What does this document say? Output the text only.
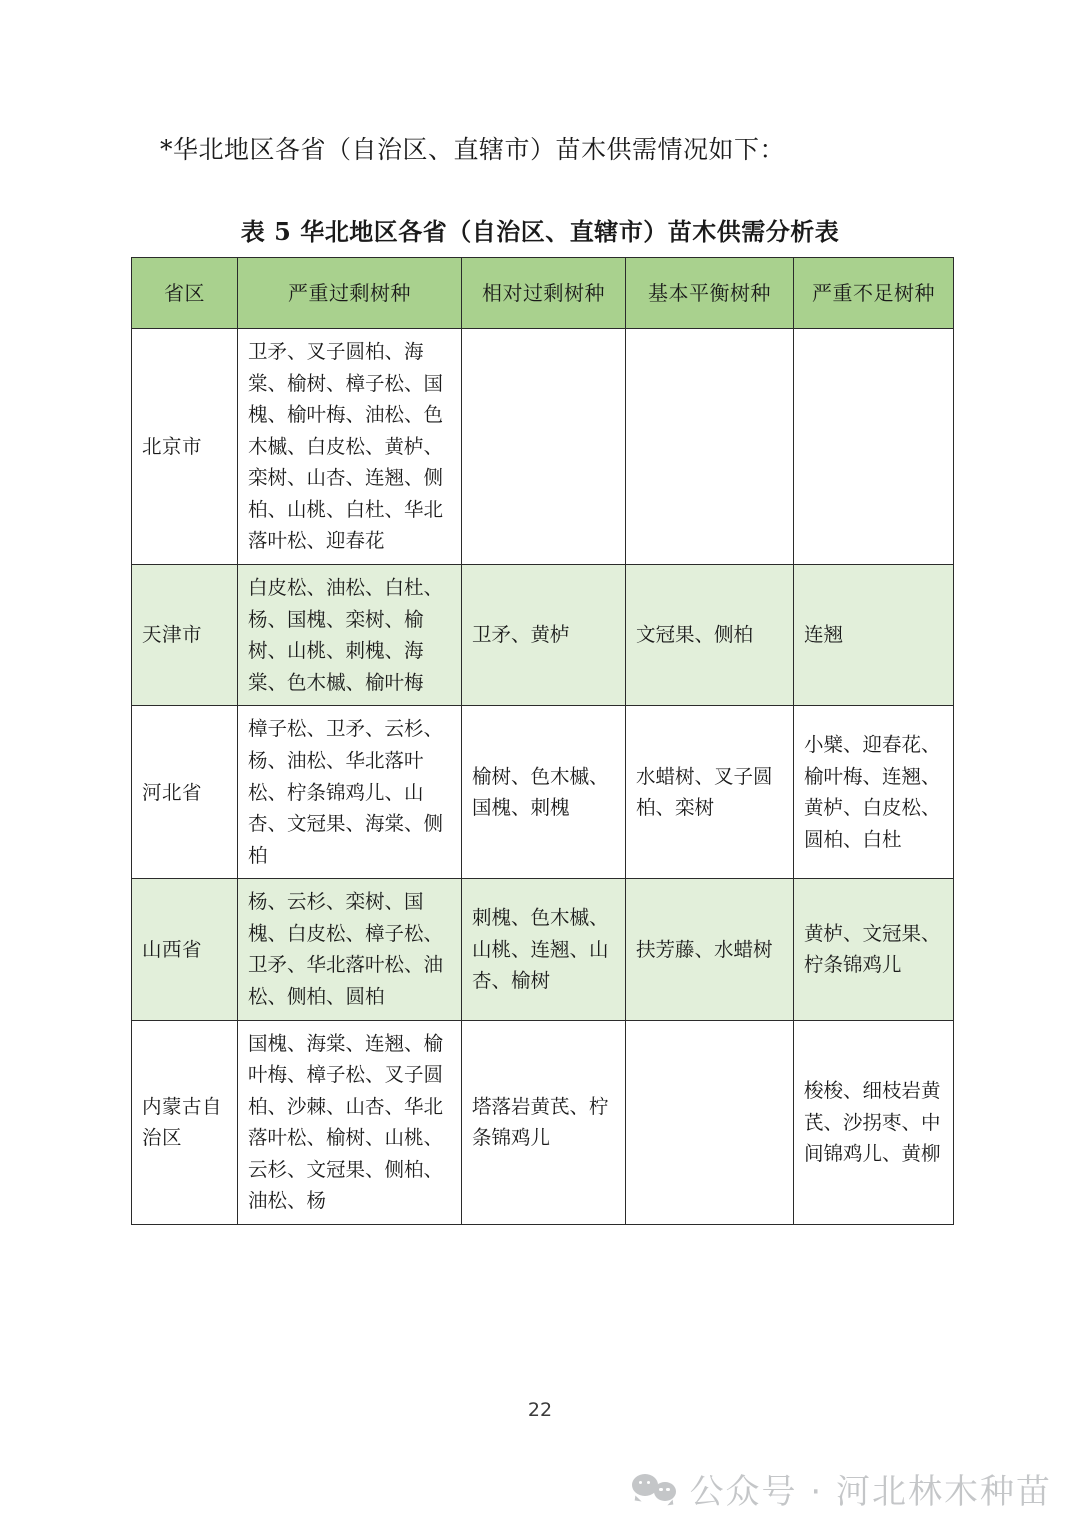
*华北地区各省（自治区、直辖市）苗木供需情况如下：
表 5 华北地区各省（自治区、直辖市）苗木供需分析表
省区	严重过剩树种	相对过剩树种	基本平衡树种	严重不足树种
北京市	卫矛、叉子圆柏、海棠、榆树、樟子松、国槐、榆叶梅、油松、色木槭、白皮松、黄栌、栾树、山杏、连翘、侧柏、山桃、白杜、华北落叶松、迎春花			
天津市	白皮松、油松、白杜、杨、国槐、栾树、榆树、山桃、刺槐、海棠、色木槭、榆叶梅	卫矛、黄栌	文冠果、侧柏	连翘
河北省	樟子松、卫矛、云杉、杨、油松、华北落叶松、柠条锦鸡儿、山杏、文冠果、海棠、侧柏	榆树、色木槭、国槐、刺槐	水蜡树、叉子圆柏、栾树	小檗、迎春花、榆叶梅、连翘、黄栌、白皮松、圆柏、白杜
山西省	杨、云杉、栾树、国槐、白皮松、樟子松、卫矛、华北落叶松、油松、侧柏、圆柏	刺槐、色木槭、山桃、连翘、山杏、榆树	扶芳藤、水蜡树	黄栌、文冠果、柠条锦鸡儿
内蒙古自治区	国槐、海棠、连翘、榆叶梅、樟子松、叉子圆柏、沙棘、山杏、华北落叶松、榆树、山桃、云杉、文冠果、侧柏、油松、杨	塔落岩黄芪、柠条锦鸡儿		梭梭、细枝岩黄芪、沙拐枣、中间锦鸡儿、黄柳
22
公众号 · 河北林木种苗
